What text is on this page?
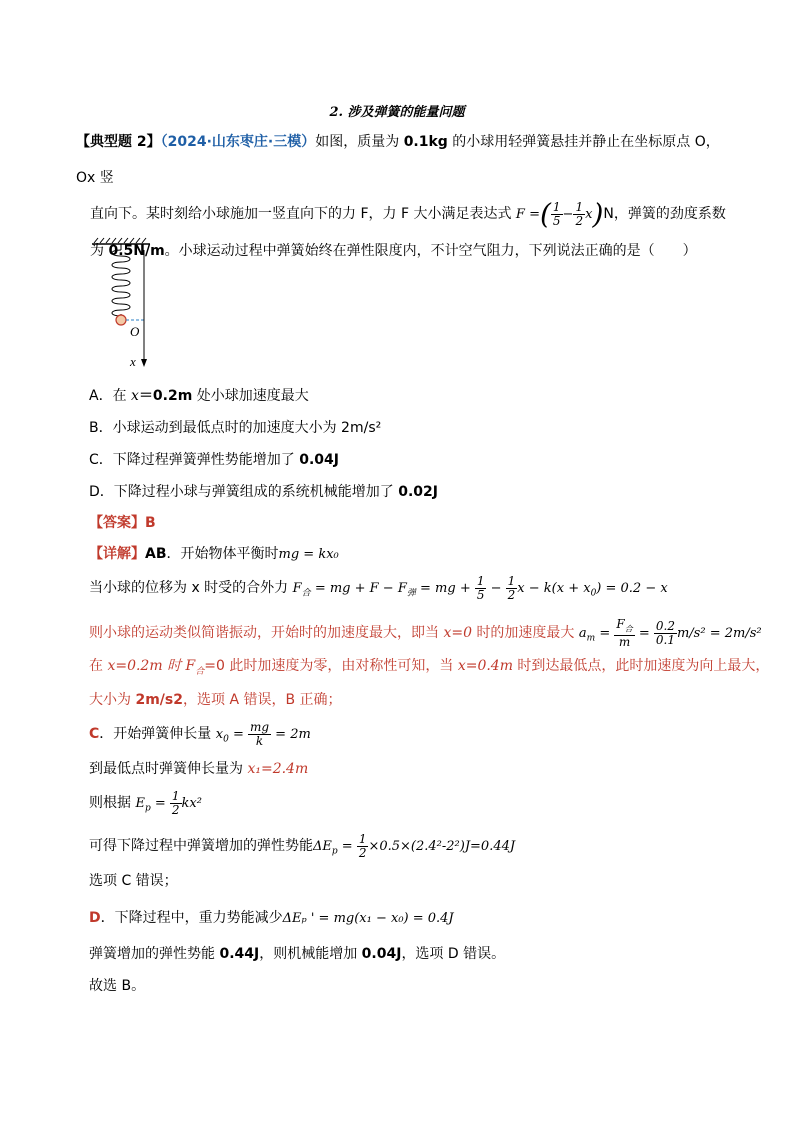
2. 涉及弹簧的能量问题
【典型题 2】（2024·山东枣庄·三模）如图，质量为 0.1kg 的小球用轻弹簧悬挂并静止在坐标原点 O，Ox 竖
直向下。某时刻给小球施加一竖直向下的力 F，力 F 大小满足表达式 F =( $\frac{1}{5} - \frac{1}{2} x)N$，弹簧的劲度系数
为 0.5N/m。小球运动过程中弹簧始终在弹性限度内，不计空气阻力，下列说法正确的是（　　）
O
x
A．在 x＝0.2m 处小球加速度最大
B．小球运动到最低点时的加速度大小为 2m/s²
C．下降过程弹簧弹性势能增加了 0.04J
D．下降过程小球与弹簧组成的系统机械能增加了 0.02J
【答案】B
【详解】AB．开始物体平衡时mg = kx₀
当小球的位移为 x 时受的合外力 $F_合$ = mg + $F - F_弹$ = mg + $\frac{1}{5} - \frac{1}{2}$ $x - k(x + x_0) = 0.2 - x$
则小球的运动类似简谐振动，开始时的加速度最大，即当 x=0 时的加速度最大 $a_m = \frac{F_合}{m} = \frac{0.2}{0.1} m/s^2 = 2m/s^2$
在 x=0.2m 时 $F_合=0$ 此时加速度为零，由对称性可知，当 x=0.4m 时到达最低点，此时加速度为向上最大，
大小为 2m/s2，选项 A 错误，B 正确；
C．开始弹簧伸长量 $x_0 = \frac{mg}{k} = 2m$
到最低点时弹簧伸长量为 x₁=2.4m
则根据 $E_p = \frac{1}{2} kx^2$
可得下降过程中弹簧增加的弹性势能$\Delta E_p = \frac{1}{2} \times 0.5\times(2.4^2-2^2)J=0.44J$
选项 C 错误；
D．下降过程中，重力势能减少ΔEₚ ' = mg(x₁ − x₀) = 0.4J
弹簧增加的弹性势能 0.44J，则机械能增加 0.04J，选项 D 错误。
故选 B。
